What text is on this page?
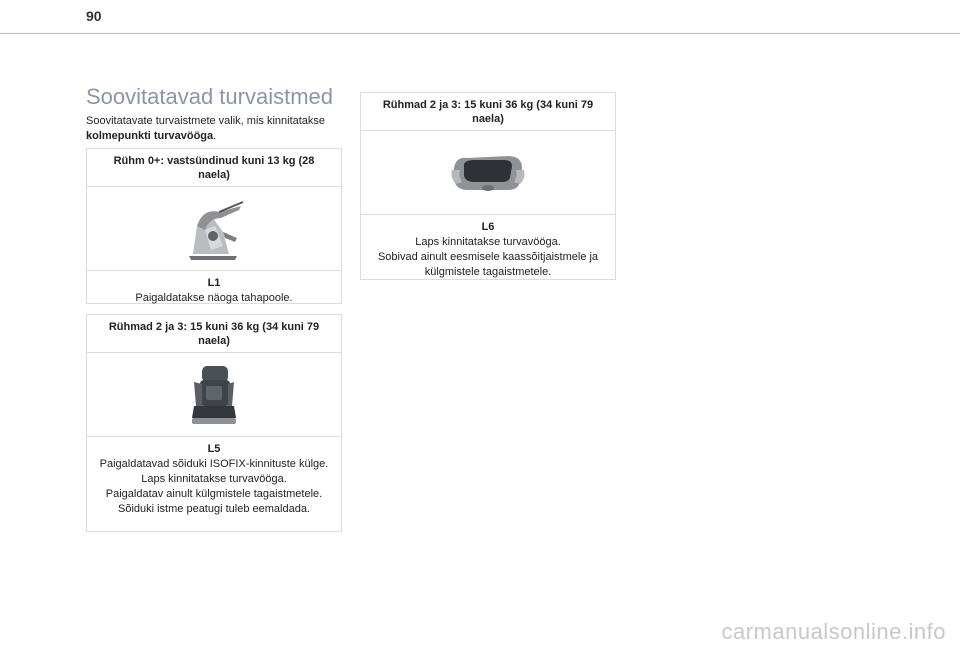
90
Soovitatavad turvaistmed

Soovitatavate turvaistmete valik, mis kinnitatakse kolmepunkti turvavööga.

Rühm 0+: vastsündinud kuni 13 kg (28 naela)
L1
Paigaldatakse näoga tahapoole.
Rühmad 2 ja 3: 15 kuni 36 kg (34 kuni 79 naela)
L5
Paigaldatavad sõiduki ISOFIX-kinnituste külge.
Laps kinnitatakse turvavööga.
Paigaldatav ainult külgmistele tagaistmetele.
Sõiduki istme peatugi tuleb eemaldada.
Rühmad 2 ja 3: 15 kuni 36 kg (34 kuni 79 naela)
L6
Laps kinnitatakse turvavööga.
Sobivad ainult eesmisele kaassõitjaistmele ja külgmistele tagaistmetele.
carmanualsonline.info
